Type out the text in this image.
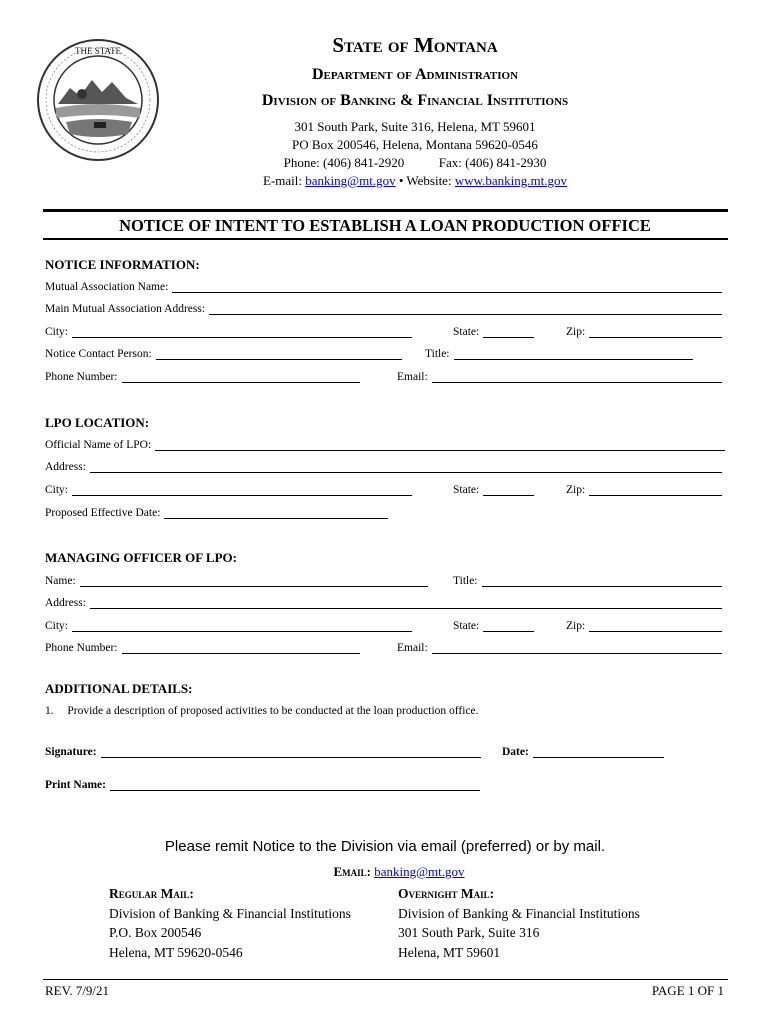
THE STATE	State of Montana
Department of Administration
Division of Banking & Financial Institutions
301 South Park, Suite 316, Helena, MT 59601
PO Box 200546, Helena, Montana 59620-0546
Phone: (406) 841-2920	Fax: (406) 841-2930
E-mail: banking@mt.gov • Website: www.banking.mt.gov
NOTICE OF INTENT TO ESTABLISH A LOAN PRODUCTION OFFICE
NOTICE INFORMATION:
Mutual Association Name:
Main Mutual Association Address:
City:	State:	Zip:
Notice Contact Person:	Title:
Phone Number:	Email:
LPO LOCATION:
Official Name of LPO:
Address:
City:	State:	Zip:
Proposed Effective Date:
MANAGING OFFICER OF LPO:
Name:	Title:
Address:
City:	State:	Zip:
Phone Number:	Email:
ADDITIONAL DETAILS:
1. Provide a description of proposed activities to be conducted at the loan production office.
Signature:	Date:
Print Name:
Please remit Notice to the Division via email (preferred) or by mail.
Email: banking@mt.gov
Regular Mail:
Division of Banking & Financial Institutions
P.O. Box 200546
Helena, MT 59620-0546
Overnight Mail:
Division of Banking & Financial Institutions
301 South Park, Suite 316
Helena, MT 59601
REV. 7/9/21	PAGE 1 OF 1
